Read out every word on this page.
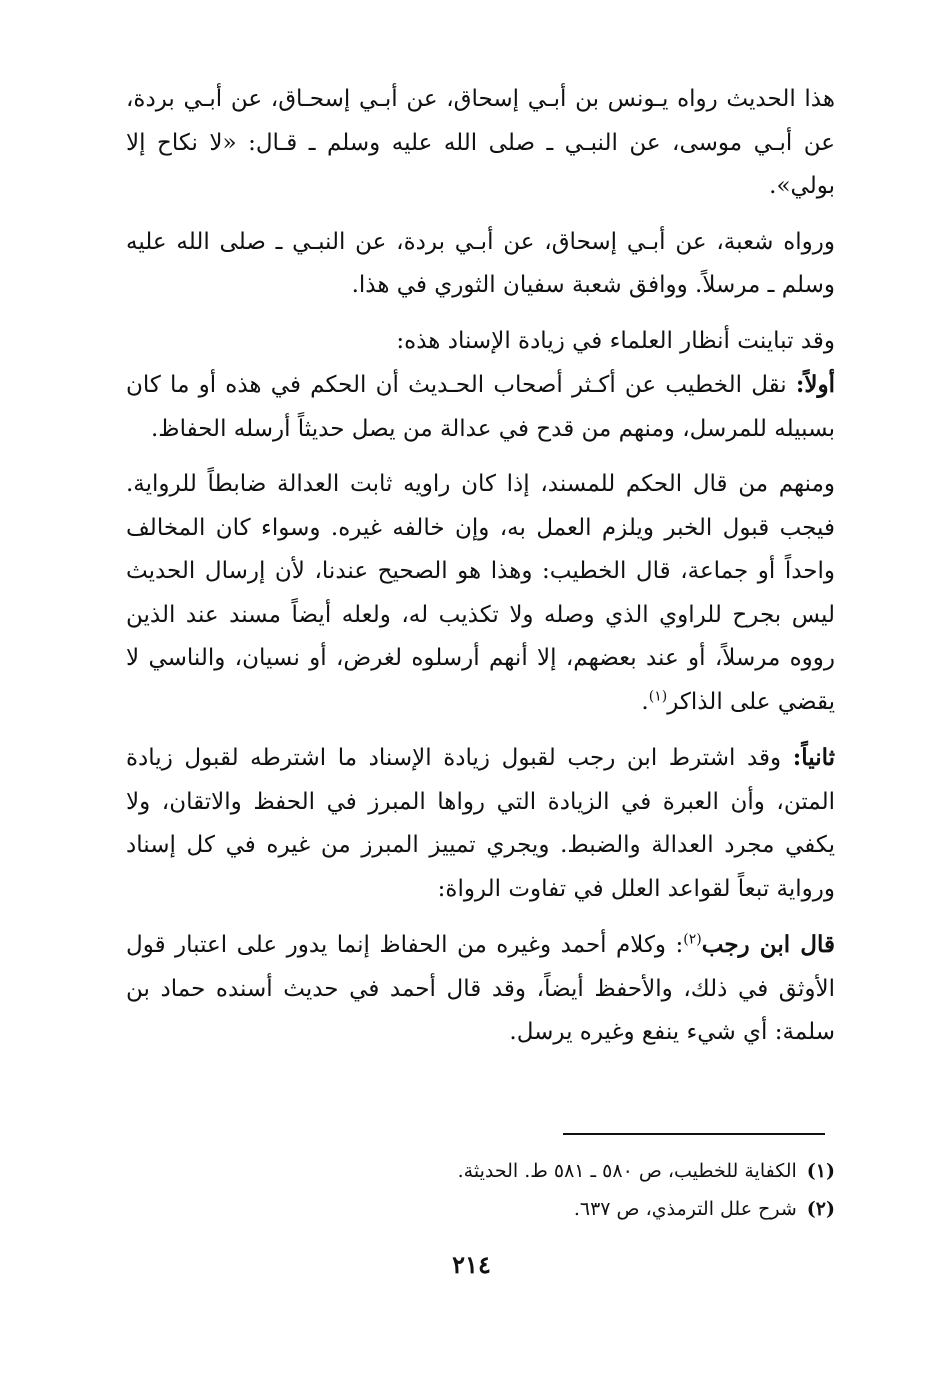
هذا الحديث رواه يـونس بن أبـي إسحاق، عن أبـي إسحـاق، عن أبـي بردة، عن أبـي موسى، عن النبـي ـ صلى الله عليه وسلم ـ قـال: «لا نكاح إلا بولي».

ورواه شعبة، عن أبـي إسحاق، عن أبـي بردة، عن النبـي ـ صلى الله عليه وسلم ـ مرسلاً. ووافق شعبة سفيان الثوري في هذا.

وقد تباينت أنظار العلماء في زيادة الإسناد هذه:

أولاً: نقل الخطيب عن أكـثر أصحاب الحـديث أن الحكم في هذه أو ما كان بسبيله للمرسل، ومنهم من قدح في عدالة من يصل حديثاً أرسله الحفاظ.

ومنهم من قال الحكم للمسند، إذا كان راويه ثابت العدالة ضابطاً للرواية. فيجب قبول الخبر ويلزم العمل به، وإن خالفه غيره. وسواء كان المخالف واحداً أو جماعة، قال الخطيب: وهذا هو الصحيح عندنا، لأن إرسال الحديث ليس بجرح للراوي الذي وصله ولا تكذيب له، ولعله أيضاً مسند عند الذين رووه مرسلاً، أو عند بعضهم، إلا أنهم أرسلوه لغرض، أو نسيان، والناسي لا يقضي على الذاكر$^{(١)}$.

ثانياً: وقد اشترط ابن رجب لقبول زيادة الإسناد ما اشترطه لقبول زيادة المتن، وأن العبرة في الزيادة التي رواها المبرز في الحفظ والاتقان، ولا يكفي مجرد العدالة والضبط. ويجري تمييز المبرز من غيره في كل إسناد ورواية تبعاً لقواعد العلل في تفاوت الرواة:

قال ابن رجب$^{(٢)}$: وكلام أحمد وغيره من الحفاظ إنما يدور على اعتبار قول الأوثق في ذلك، والأحفظ أيضاً، وقد قال أحمد في حديث أسنده حماد بن سلمة: أي شيء ينفع وغيره يرسل.

(١)الكفاية للخطيب، ص ٥٨٠ ـ ٥٨١ ط. الحديثة.
(٢)شرح علل الترمذي، ص ٦٣٧.
٢١٤
